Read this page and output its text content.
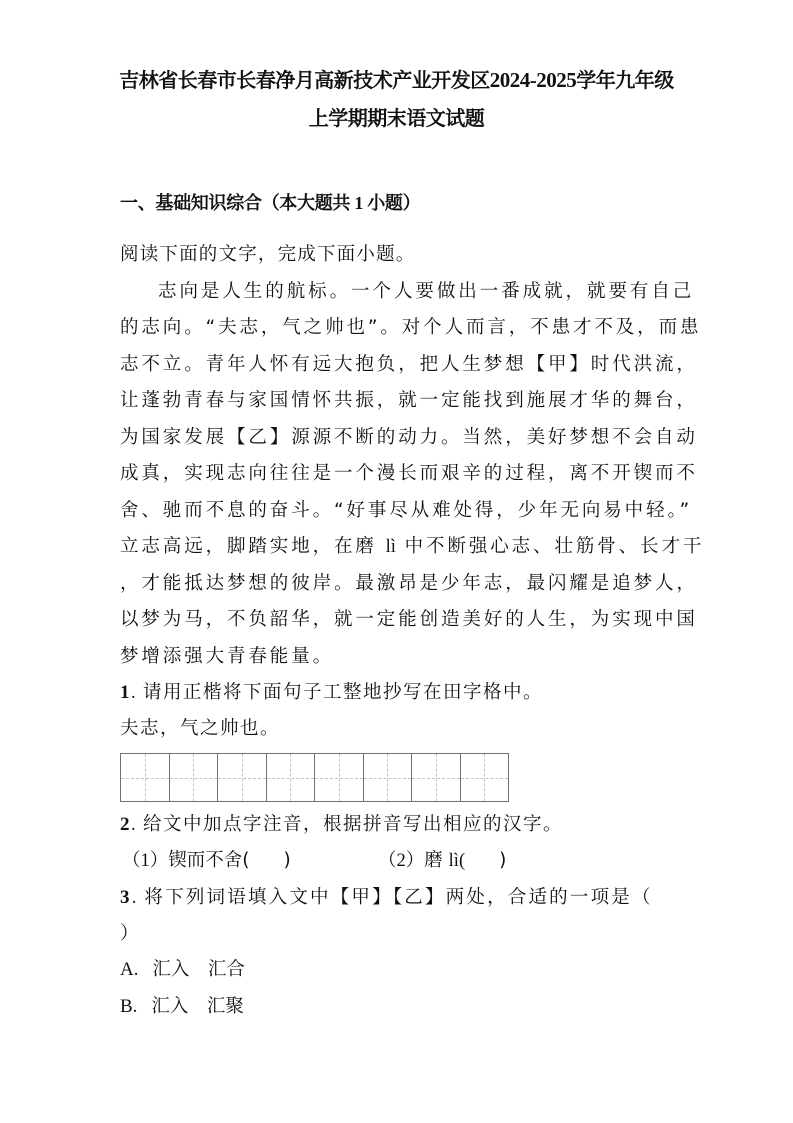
吉林省长春市长春净月高新技术产业开发区2024-2025学年九年级
上学期期末语文试题
一、基础知识综合（本大题共 1 小题）
阅读下面的文字，完成下面小题。
志向是人生的航标。一个人要做出一番成就，就要有自己
的志向。“夫志，气之帅也”。对个人而言，不患才不及，而患
志不立。青年人怀有远大抱负，把人生梦想【甲】时代洪流，
让蓬勃青春与家国情怀共振，就一定能找到施展才华的舞台，
为国家发展【乙】源源不断的动力。当然，美好梦想不会自动
成真，实现志向往往是一个漫长而艰辛的过程，离不开锲而不
舍、驰而不息的奋斗。“好事尽从难处得，少年无向易中轻。”
立志高远，脚踏实地，在磨 lì 中不断强心志、壮筋骨、长才干
，才能抵达梦想的彼岸。最激昂是少年志，最闪耀是追梦人，
以梦为马，不负韶华，就一定能创造美好的人生，为实现中国
梦增添强大青春能量。
1. 请用正楷将下面句子工整地抄写在田字格中。
夫志，气之帅也。
2. 给文中加点字注音，根据拼音写出相应的汉字。
（1）锲而不舍( )	（2）磨 lì( )
3. 将下列词语填入文中【甲】【乙】两处，合适的一项是（
）
A. 汇入　汇合
B. 汇入　汇聚
